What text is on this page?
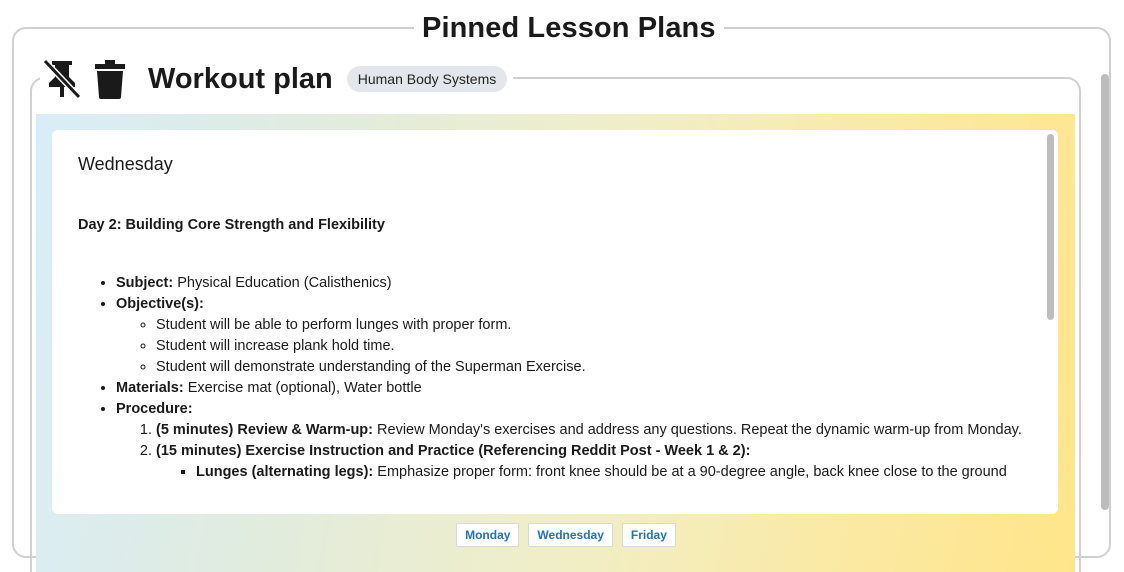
Pinned Lesson Plans
Workout plan	Human Body Systems
Wednesday
Day 2: Building Core Strength and Flexibility
• Subject: Physical Education (Calisthenics)
• Objective(s):
◦ Student will be able to perform lunges with proper form.
◦ Student will increase plank hold time.
◦ Student will demonstrate understanding of the Superman Exercise.
• Materials: Exercise mat (optional), Water bottle
• Procedure:
1. (5 minutes) Review & Warm-up: Review Monday's exercises and address any questions. Repeat the dynamic warm-up from Monday.
2. (15 minutes) Exercise Instruction and Practice (Referencing Reddit Post - Week 1 & 2):
▪ Lunges (alternating legs): Emphasize proper form: front knee should be at a 90-degree angle, back knee close to the ground
Monday	Wednesday	Friday
